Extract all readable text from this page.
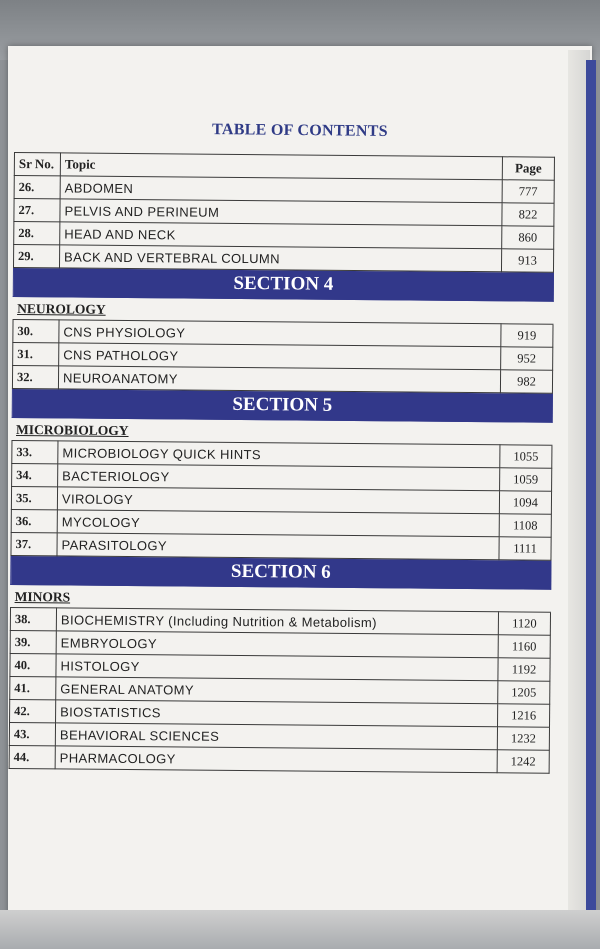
TABLE OF CONTENTS
Sr No.	Topic	Page
26.	ABDOMEN	777
27.	PELVIS AND PERINEUM	822
28.	HEAD AND NECK	860
29.	BACK AND VERTEBRAL COLUMN	913
SECTION 4		
NEUROLOGY		
30.	CNS PHYSIOLOGY	919
31.	CNS PATHOLOGY	952
32.	NEUROANATOMY	982
SECTION 5		
MICROBIOLOGY		
33.	MICROBIOLOGY QUICK HINTS	1055
34.	BACTERIOLOGY	1059
35.	VIROLOGY	1094
36.	MYCOLOGY	1108
37.	PARASITOLOGY	1111
SECTION 6		
MINORS		
38.	BIOCHEMISTRY (Including Nutrition & Metabolism)	1120
39.	EMBRYOLOGY	1160
40.	HISTOLOGY	1192
41.	GENERAL ANATOMY	1205
42.	BIOSTATISTICS	1216
43.	BEHAVIORAL SCIENCES	1232
44.	PHARMACOLOGY	1242
